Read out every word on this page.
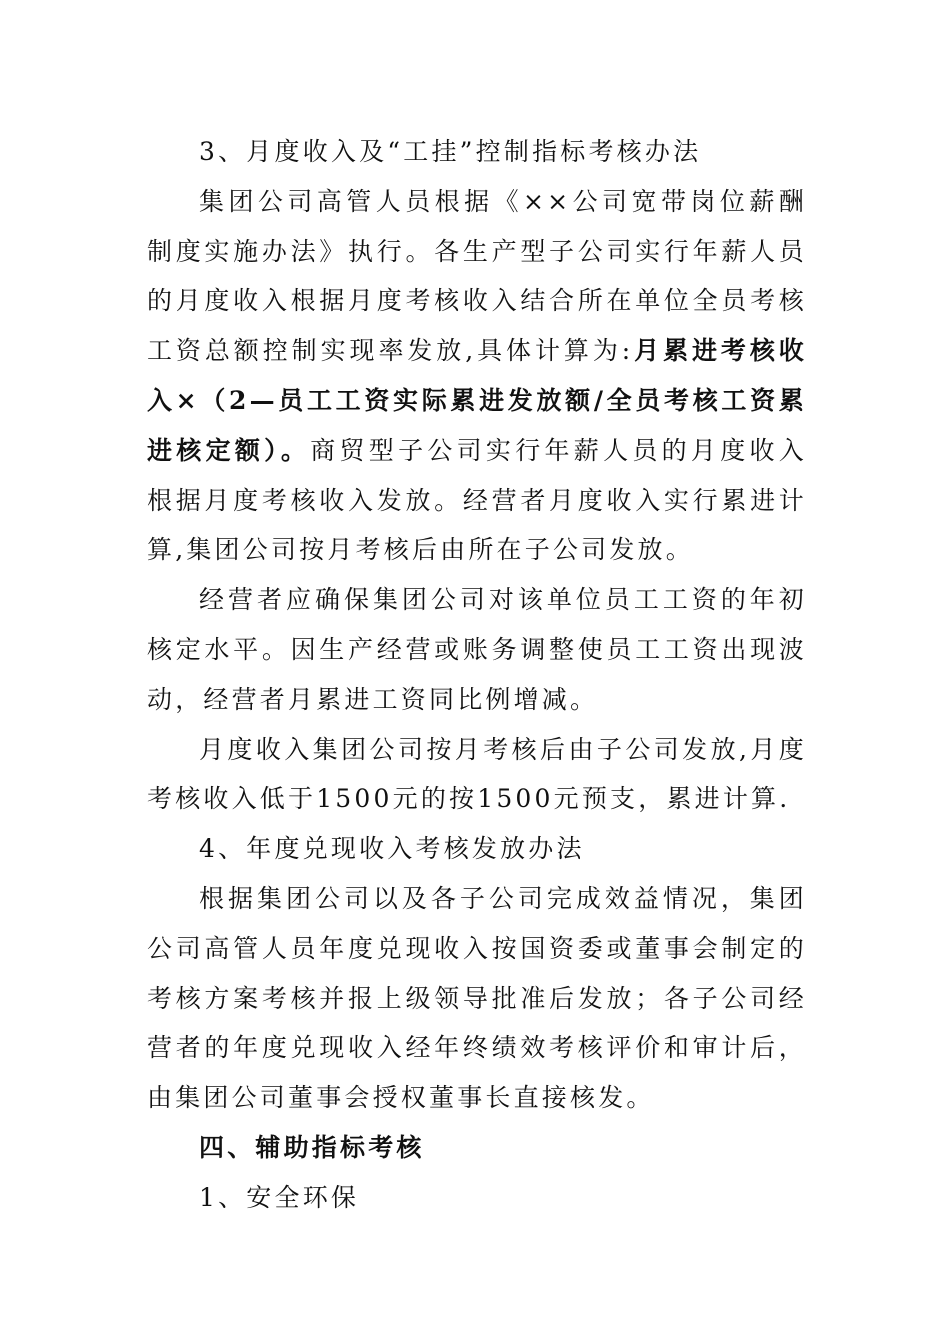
3、月度收入及“工挂”控制指标考核办法

集团公司高管人员根据《××公司宽带岗位薪酬制度实施办法》执行。各生产型子公司实行年薪人员的月度收入根据月度考核收入结合所在单位全员考核工资总额控制实现率发放,具体计算为:月累进考核收入×（2—员工工资实际累进发放额/全员考核工资累进核定额）。商贸型子公司实行年薪人员的月度收入根据月度考核收入发放。经营者月度收入实行累进计算,集团公司按月考核后由所在子公司发放。

经营者应确保集团公司对该单位员工工资的年初核定水平。因生产经营或账务调整使员工工资出现波动，经营者月累进工资同比例增减。

月度收入集团公司按月考核后由子公司发放,月度考核收入低于1500元的按1500元预支，累进计算.

4、年度兑现收入考核发放办法

根据集团公司以及各子公司完成效益情况，集团公司高管人员年度兑现收入按国资委或董事会制定的考核方案考核并报上级领导批准后发放；各子公司经营者的年度兑现收入经年终绩效考核评价和审计后，由集团公司董事会授权董事长直接核发。

四、辅助指标考核

1、安全环保
